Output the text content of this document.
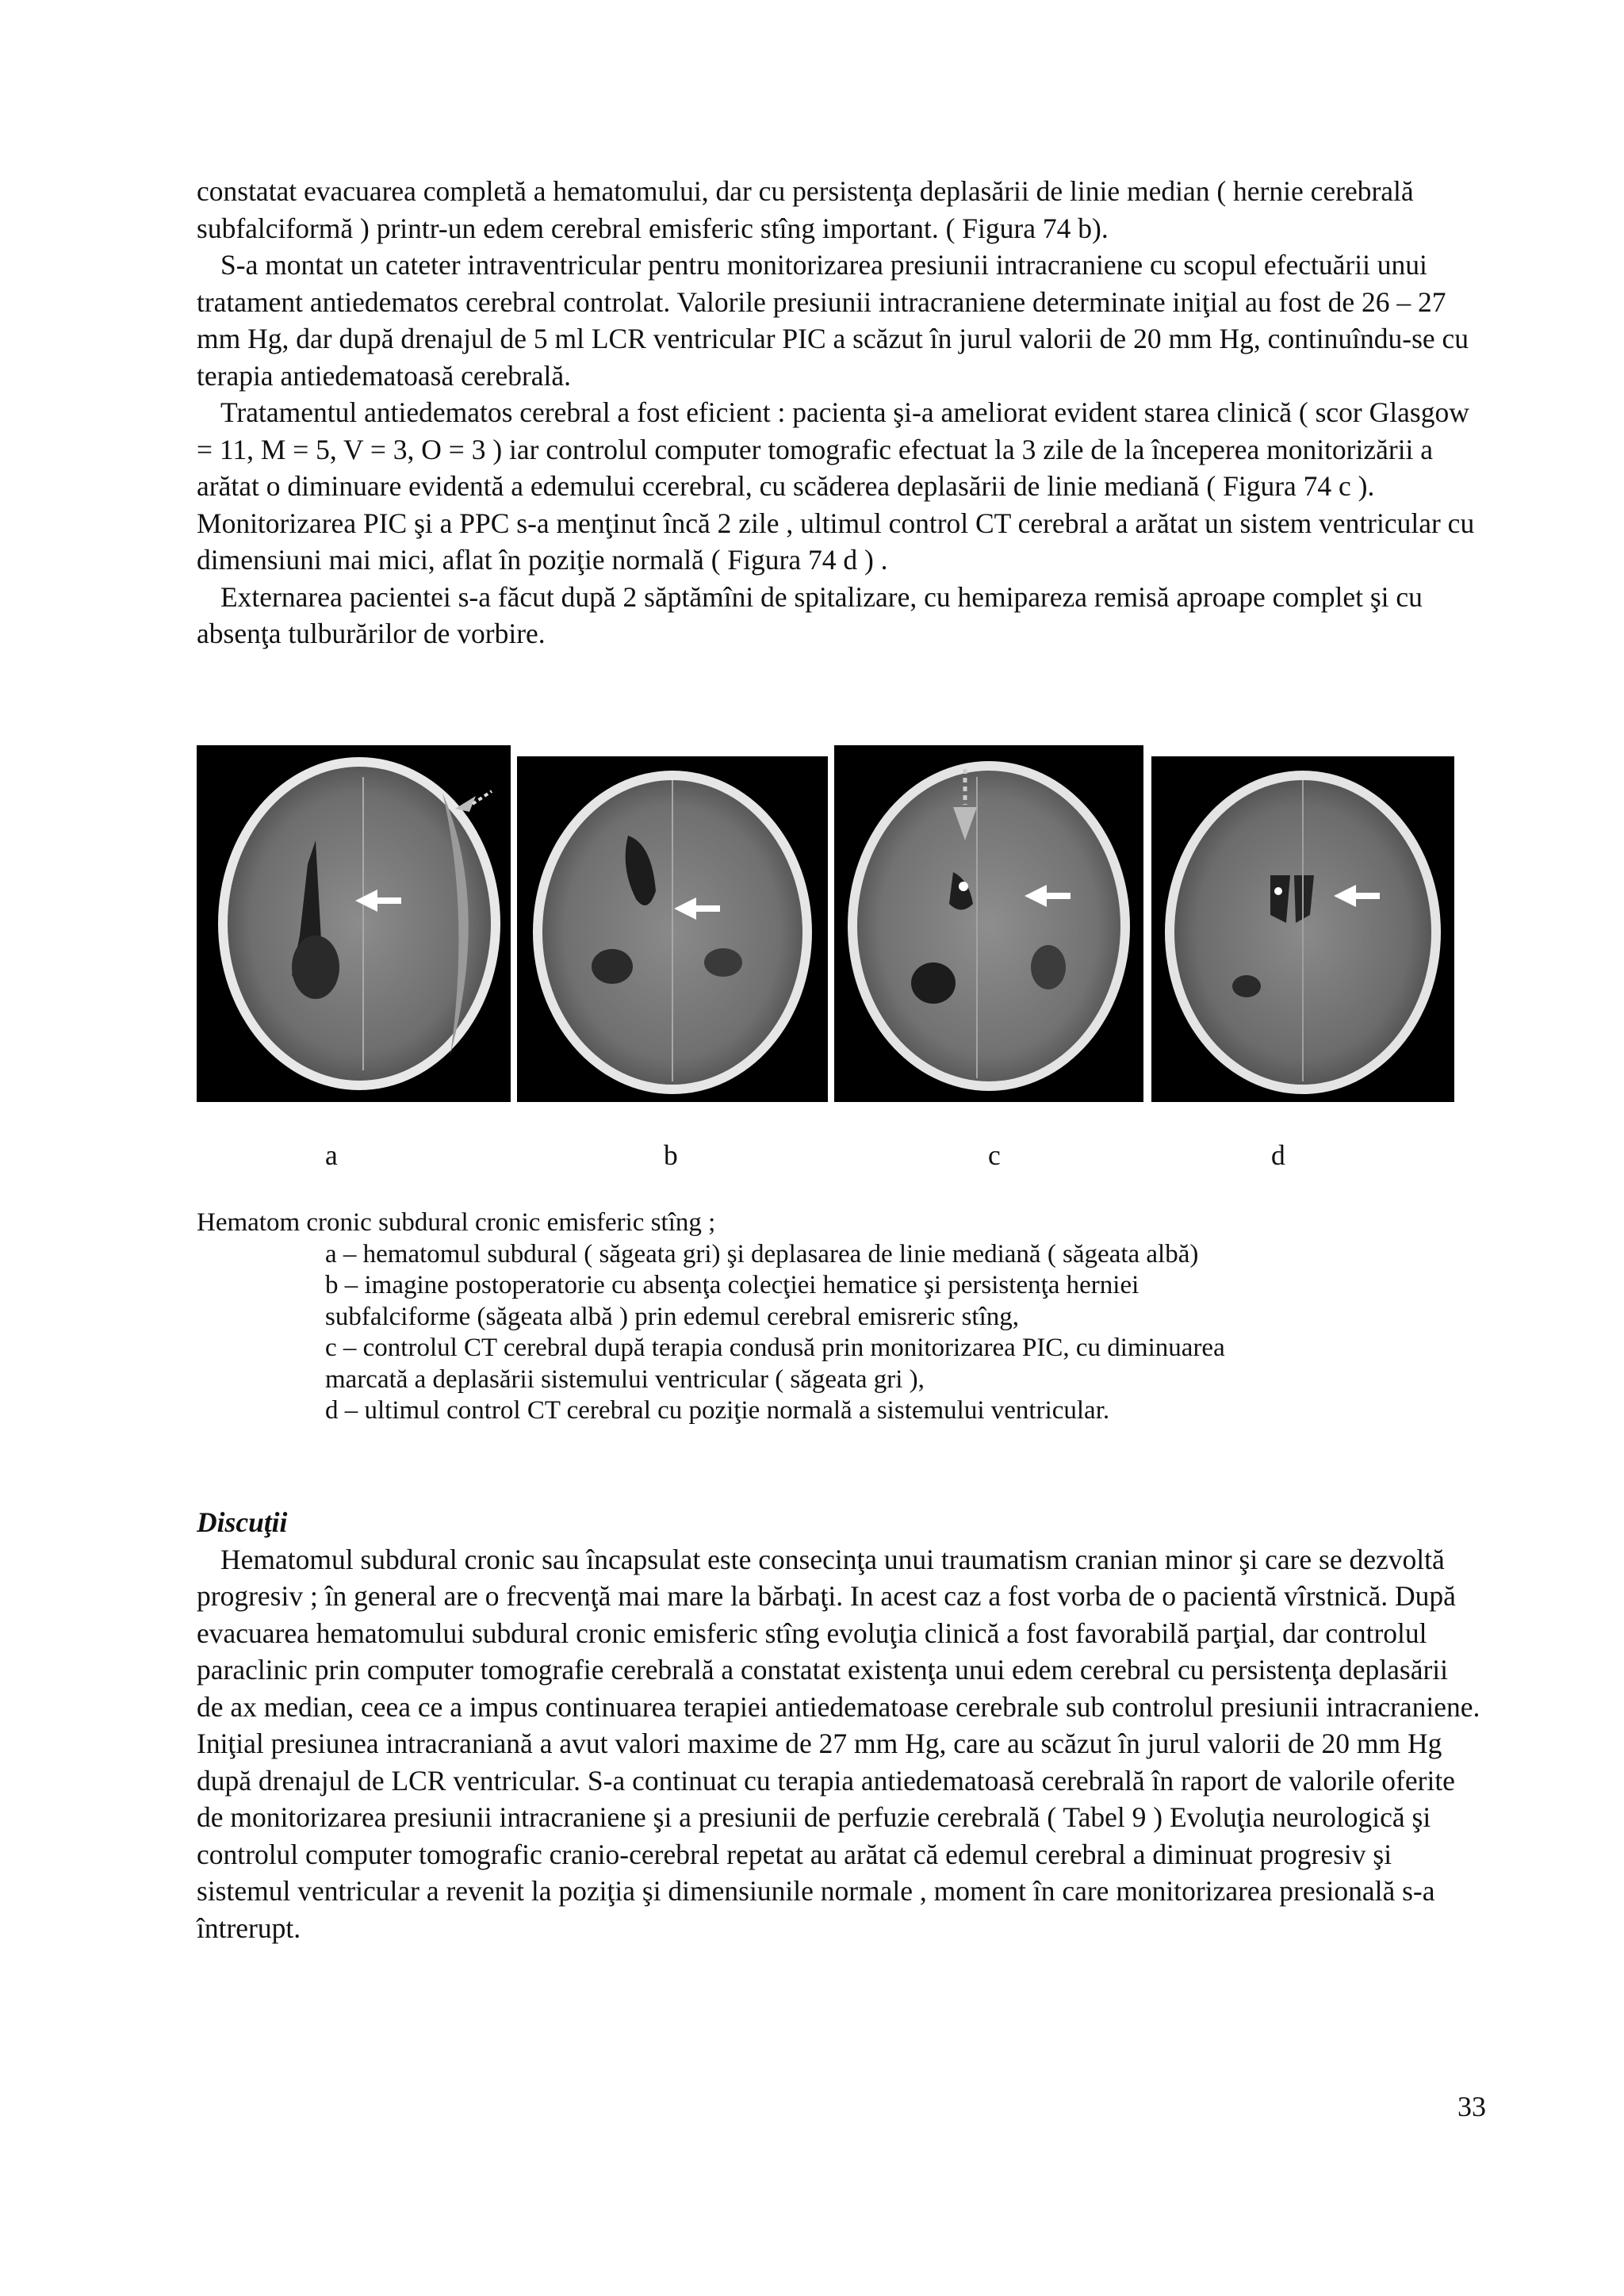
constatat evacuarea completă a hematomului, dar cu persistenţa deplasării de linie median ( hernie cerebrală subfalciformă ) printr-un edem cerebral emisferic stîng important. ( Figura 74 b).

S-a montat un cateter intraventricular pentru monitorizarea presiunii intracraniene cu scopul efectuării unui tratament antiedematos cerebral controlat. Valorile presiunii intracraniene determinate iniţial au fost de 26 – 27 mm Hg, dar după drenajul de 5 ml LCR ventricular PIC a scăzut în jurul valorii de 20 mm Hg, continuîndu-se cu terapia antiedematoasă cerebrală.

Tratamentul antiedematos cerebral a fost eficient : pacienta şi-a ameliorat evident starea clinică ( scor Glasgow = 11, M = 5, V = 3, O = 3 ) iar controlul computer tomografic efectuat la 3 zile de la începerea monitorizării a arătat o diminuare evidentă a edemului ccerebral, cu scăderea deplasării de linie mediană ( Figura 74 c ). Monitorizarea PIC şi a PPC s-a menţinut încă 2 zile , ultimul control CT cerebral a arătat un sistem ventricular cu dimensiuni mai mici, aflat în poziţie normală ( Figura 74 d ) .

Externarea pacientei s-a făcut după 2 săptămîni de spitalizare, cu hemipareza remisă aproape complet şi cu absenţa tulburărilor de vorbire.

a	b	c	d
Hematom cronic subdural cronic emisferic stîng ;
a – hematomul subdural ( săgeata gri) şi deplasarea de linie mediană ( săgeata albă)
b – imagine postoperatorie cu absenţa colecţiei hematice şi persistenţa herniei
subfalciforme (săgeata albă ) prin edemul cerebral emisreric stîng,
c – controlul CT cerebral după terapia condusă prin monitorizarea PIC, cu diminuarea
marcată a deplasării sistemului ventricular ( săgeata gri ),
d – ultimul control CT cerebral cu poziţie normală a sistemului ventricular.

Discuţii

Hematomul subdural cronic sau încapsulat este consecinţa unui traumatism cranian minor şi care se dezvoltă progresiv ; în general are o frecvenţă mai mare la bărbaţi. In acest caz a fost vorba de o pacientă vîrstnică. După evacuarea hematomului subdural cronic emisferic stîng evoluţia clinică a fost favorabilă parţial, dar controlul paraclinic prin computer tomografie cerebrală a constatat existenţa unui edem cerebral cu persistenţa deplasării de ax median, ceea ce a impus continuarea terapiei antiedematoase cerebrale sub controlul presiunii intracraniene. Iniţial presiunea intracraniană a avut valori maxime de 27 mm Hg, care au scăzut în jurul valorii de 20 mm Hg după drenajul de LCR ventricular. S-a continuat cu terapia antiedematoasă cerebrală în raport de valorile oferite de monitorizarea presiunii intracraniene şi a presiunii de perfuzie cerebrală ( Tabel 9 ) Evoluţia neurologică şi controlul computer tomografic cranio-cerebral repetat au arătat că edemul cerebral a diminuat progresiv şi sistemul ventricular a revenit la poziţia şi dimensiunile normale , moment în care monitorizarea presională s-a întrerupt.

33
